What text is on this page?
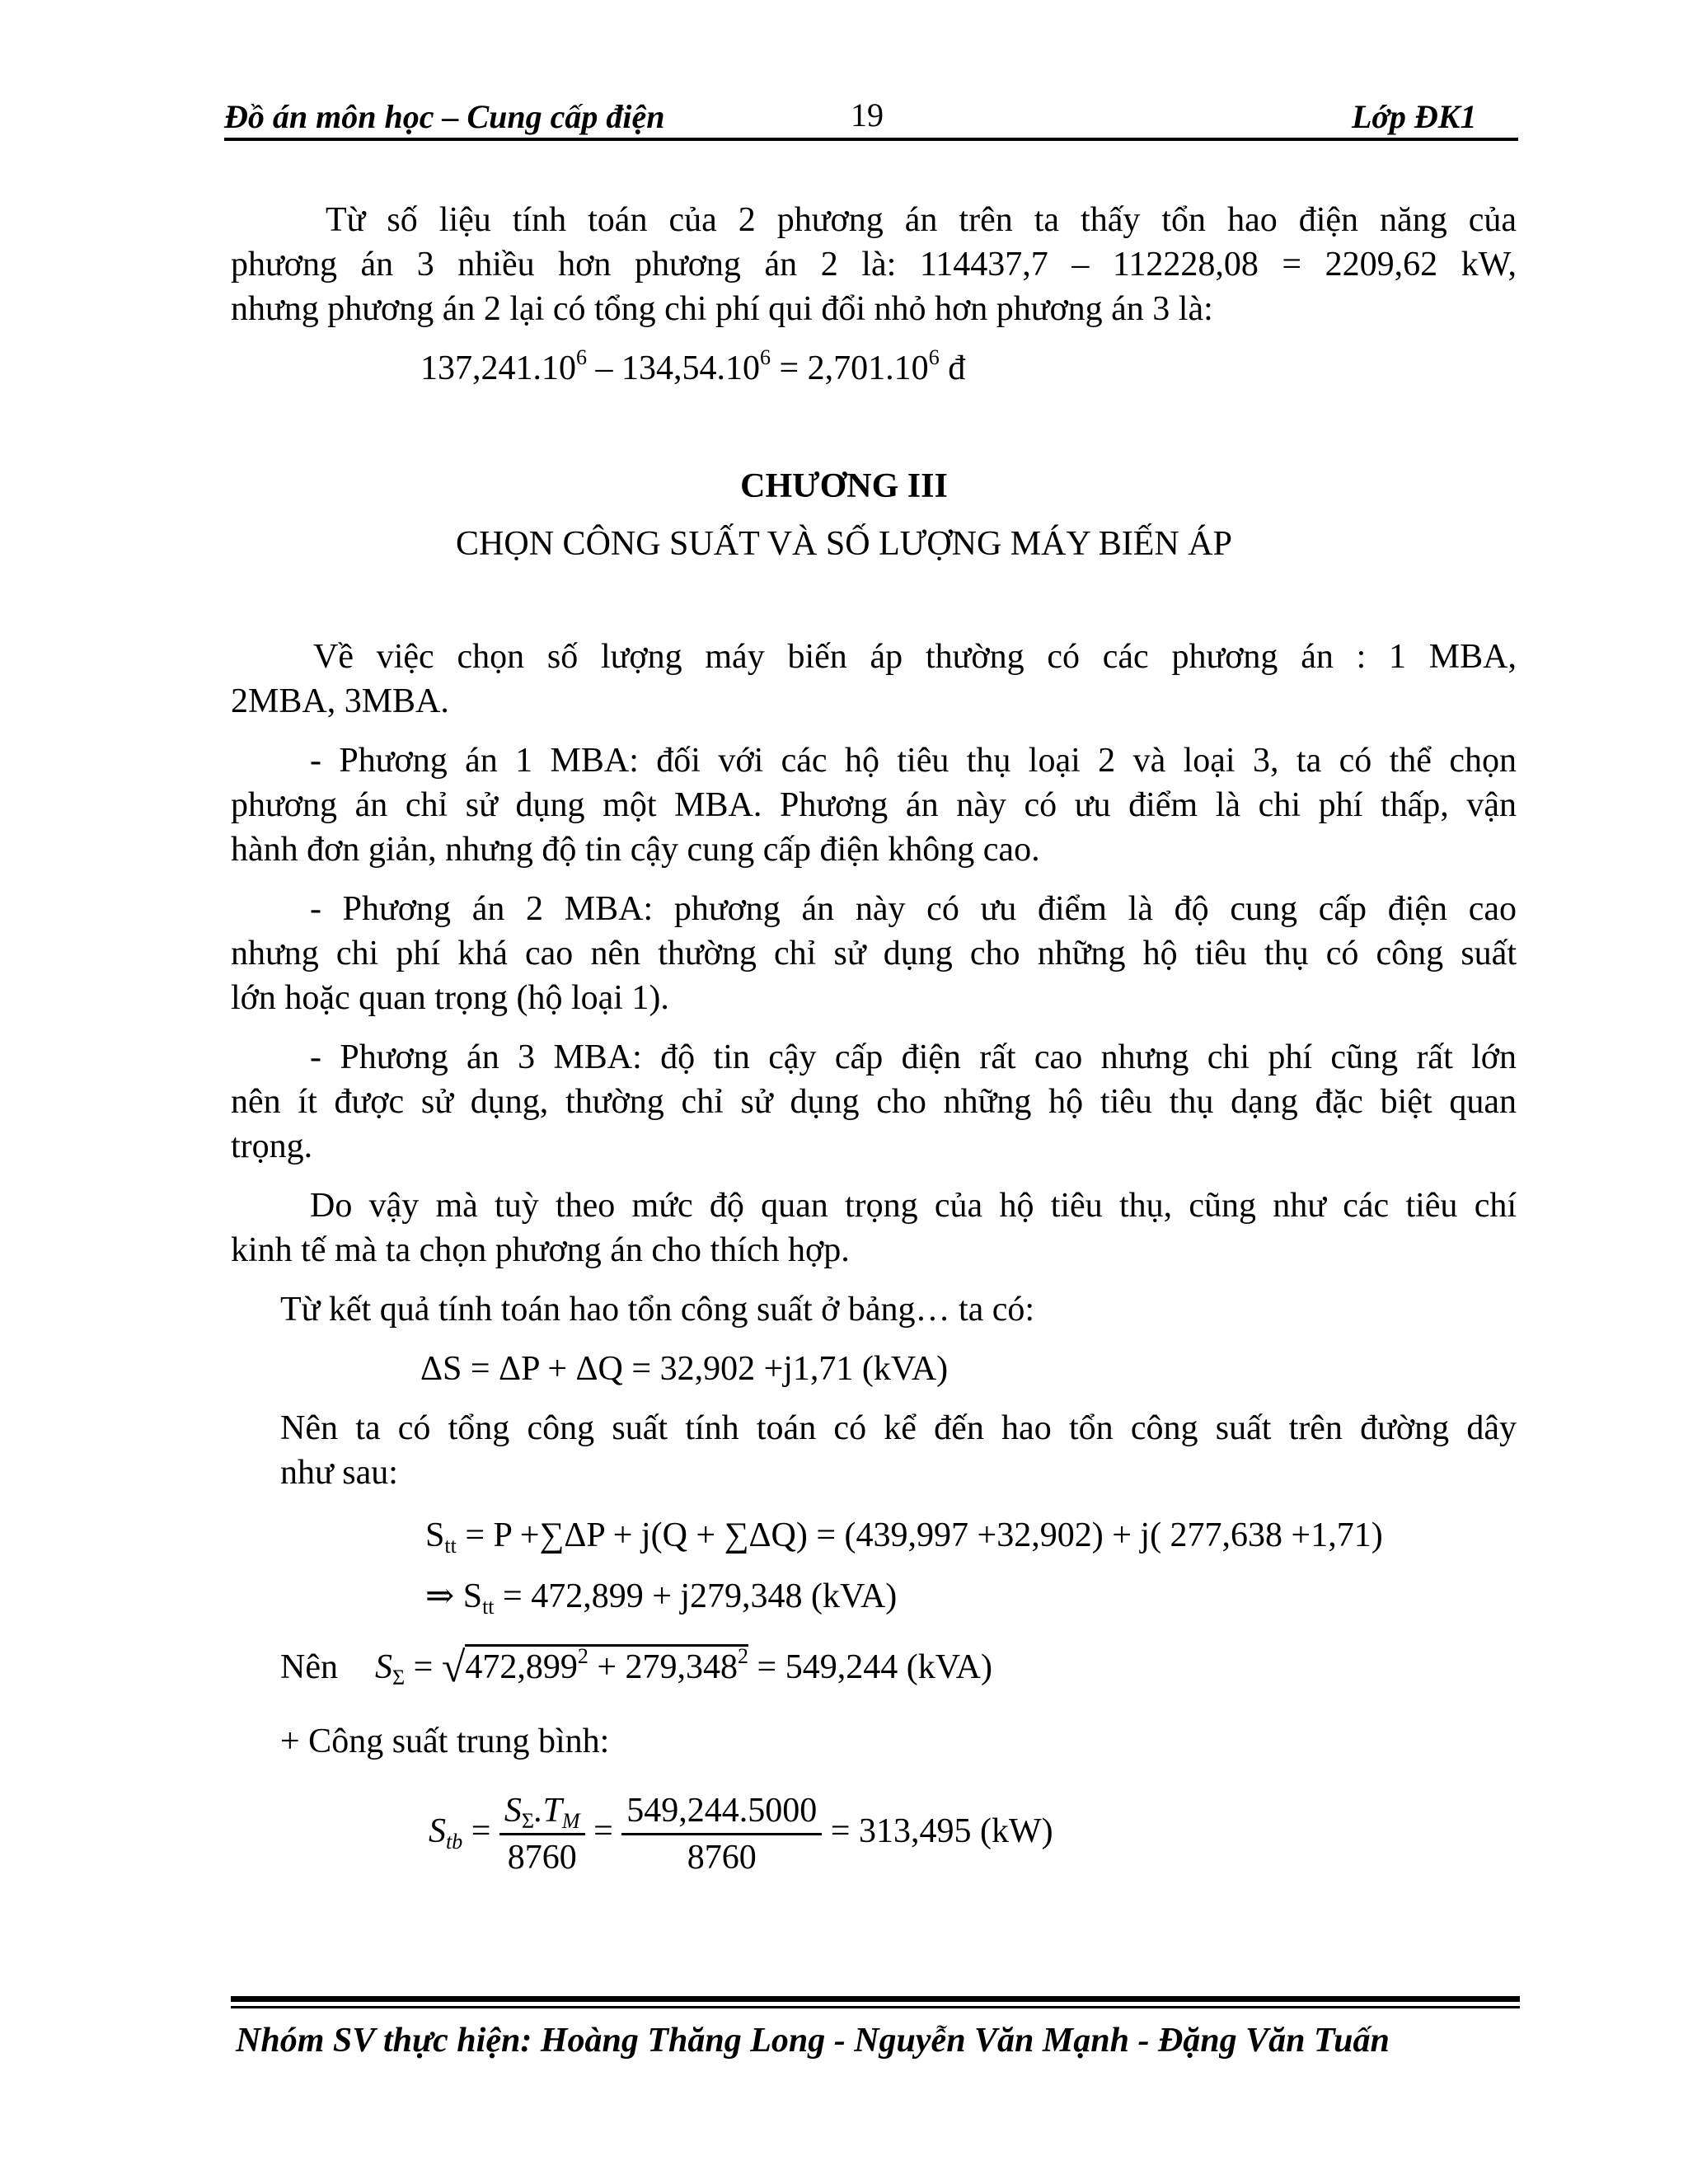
Đồ án môn học – Cung cấp điện	19	Lớp ĐK1
Từ số liệu tính toán của 2 phương án trên ta thấy tổn hao điện năng của
phương án 3 nhiều hơn phương án 2 là: 114437,7 – 112228,08 = 2209,62 kW,
nhưng phương án 2 lại có tổng chi phí qui đổi nhỏ hơn phương án 3 là:
$137,241.10^6 - 134,54.10^6 = 2,701.10^6$ đ
CHƯƠNG III
CHỌN CÔNG SUẤT VÀ SỐ LƯỢNG MÁY BIẾN ÁP
Về việc chọn số lượng máy biến áp thường có các phương án : 1 MBA,
2MBA, 3MBA.
- Phương án 1 MBA: đối với các hộ tiêu thụ loại 2 và loại 3, ta có thể chọn
phương án chỉ sử dụng một MBA. Phương án này có ưu điểm là chi phí thấp, vận
hành đơn giản, nhưng độ tin cậy cung cấp điện không cao.
- Phương án 2 MBA: phương án này có ưu điểm là độ cung cấp điện cao
nhưng chi phí khá cao nên thường chỉ sử dụng cho những hộ tiêu thụ có công suất
lớn hoặc quan trọng (hộ loại 1).
- Phương án 3 MBA: độ tin cậy cấp điện rất cao nhưng chi phí cũng rất lớn
nên ít được sử dụng, thường chỉ sử dụng cho những hộ tiêu thụ dạng đặc biệt quan
trọng.
Do vậy mà tuỳ theo mức độ quan trọng của hộ tiêu thụ, cũng như các tiêu chí
kinh tế mà ta chọn phương án cho thích hợp.
Từ kết quả tính toán hao tổn công suất ở bảng… ta có:
ΔS = ΔP + ΔQ = 32,902 +j1,71 (kVA)
Nên ta có tổng công suất tính toán có kể đến hao tổn công suất trên đường dây
như sau:
$S_{tt} = P +\sum\Delta P + j(Q + \sum\Delta Q) = (439,997 +32,902) + j$( 277,638 +1,71)
⇒ $S_{tt} = 472,899 + j279,348$ (kVA)
Nên $S_\Sigma = √472,899^2 + 279,348^2 = 549,244$ (kVA)
+ Công suất trung bình:
$S_{tb} = \frac{S_\Sigma.T_M}{8760} = \frac{549,244.5000}{8760} = 313,495$ (kW)
Nhóm SV thực hiện: Hoàng Thăng Long - Nguyễn Văn Mạnh - Đặng Văn Tuấn
